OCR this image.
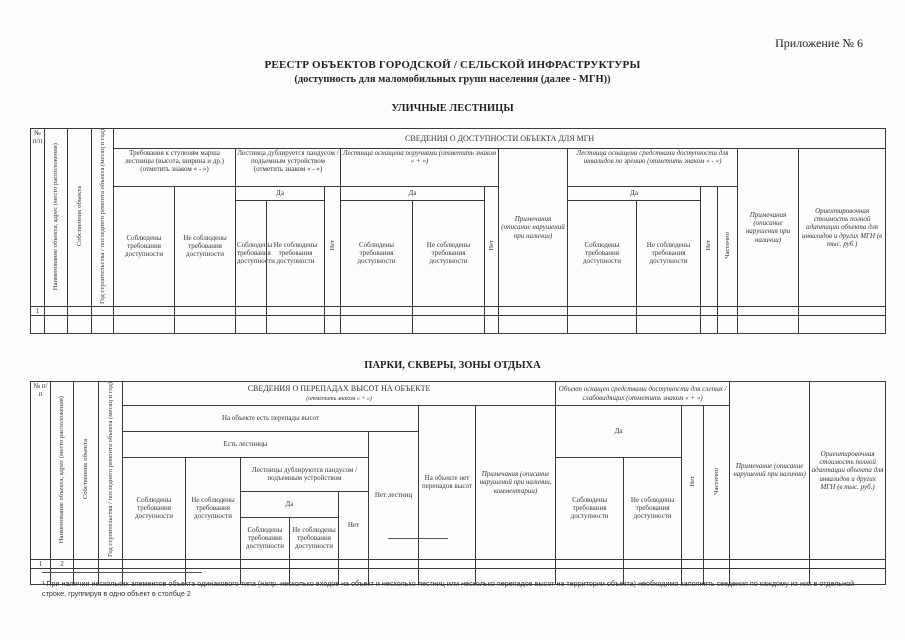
Приложение № 6
РЕЕСТР ОБЪЕКТОВ ГОРОДСКОЙ / СЕЛЬСКОЙ ИНФРАСТРУКТУРЫ
(доступность для маломобильных групп населения (далее - МГН))
УЛИЧНЫЕ ЛЕСТНИЦЫ
№ п/п	Наименование объекта, адрес (место расположения)	Собственник объекта	Год строительства / последнего ремонта объекта (месяц и год)	СВЕДЕНИЯ О ДОСТУПНОСТИ ОБЪЕКТА ДЛЯ МГН														
				Требования к ступеням марша лестницы (высота, ширина и др.) (отметить знаком « - »)		Лестница дублируется пандусом / подъемным устройством (отметить знаком « - »)			Лестница оснащена поручнями (отметить знаком « + »)			Примечания (описание нарушений при наличии)	Лестница оснащена средствами доступности для инвалидов по зрению (отметить знаком « - »)				Примечания (описание нарушения при наличии)	Ориентировочная стоимость полной адаптации объекта для инвалидов и других МГН (в тыс. руб.)
				Соблюдены требования доступности	Не соблюдены требования доступности	Да		Нет	Да		Нет		Да		Нет	Частично		
						Соблюдены требования доступности	Не соблюдены требования доступности		Соблюдены требования доступности	Не соблюдены требования доступности			Соблюдены требования доступности	Не соблюдены требования доступности				
1																		

ПАРКИ, СКВЕРЫ, ЗОНЫ ОТДЫХА
№ п/п	Наименование объекта, адрес (место расположения)	Собственник объекта	Год строительства / последнего ремонта объекта (месяц и год)	СВЕДЕНИЯ О ПЕРЕПАДАХ ВЫСОТ НА ОБЪЕКТЕ
(отметить знаком « + »)								Объект оснащен средствами доступности для слепых / слабовидящих (отметить знаком « + »)				Примечание (описание нарушений при наличии)	Ориентировочная стоимость полной адаптации объекта для инвалидов и других МГН (в тыс. руб.)
				На объекте есть перепады высот						На объекте нет перепадов высот	Примечания (описание нарушений при наличии, комментарии)	Да		Нет	Частично		
				Есть лестницы					Нет лестниц								
				Соблюдены требования доступности	Не соблюдены требования доступности	Лестницы дублируются пандусом / подъемным устройством						Соблюдены требования доступности	Не соблюдены требования доступности				
						Да		Нет									
						Соблюдены требования доступности	Не соблюдены требования доступности										

1	2																

¹ При наличии нескольких элементов объекта одинакового типа (напр. несколько входов на объект и несколько лестниц или несколько перепадов высот на территории объекта) необходимо заполнить сведения по каждому из них в отдельной строке, группируя в одно объект в столбце 2
